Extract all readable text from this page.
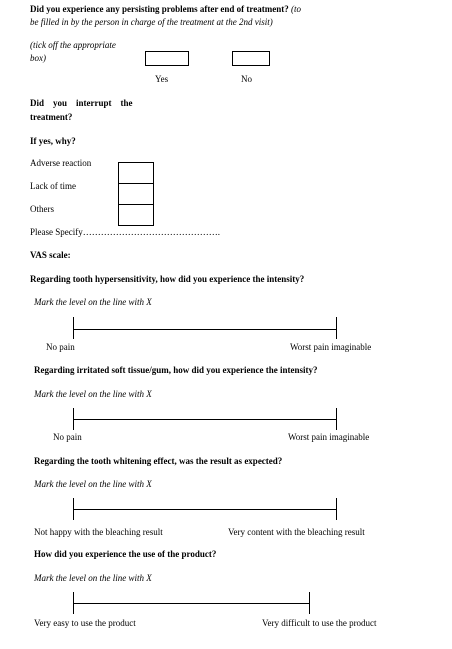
Did you experience any persisting problems after end of treatment? (to
be filled in by the person in charge of the treatment at the 2nd visit)
(tick off the appropriate
box)
Yes	No
Did    you    interrupt    the
treatment?
If yes, why?
Adverse reaction
Lack of time
Others
Please Specify……………………………………….
VAS scale:
Regarding tooth hypersensitivity, how did you experience the intensity?
Mark the level on the line with X
No pain	Worst pain imaginable
Regarding irritated soft tissue/gum, how did you experience the intensity?
Mark the level on the line with X
No pain	Worst pain imaginable
Regarding the tooth whitening effect, was the result as expected?
Mark the level on the line with X
Not happy with the bleaching result	Very content with the bleaching result
How did you experience the use of the product?
Mark the level on the line with X
Very easy to use the product	Very difficult to use the product
